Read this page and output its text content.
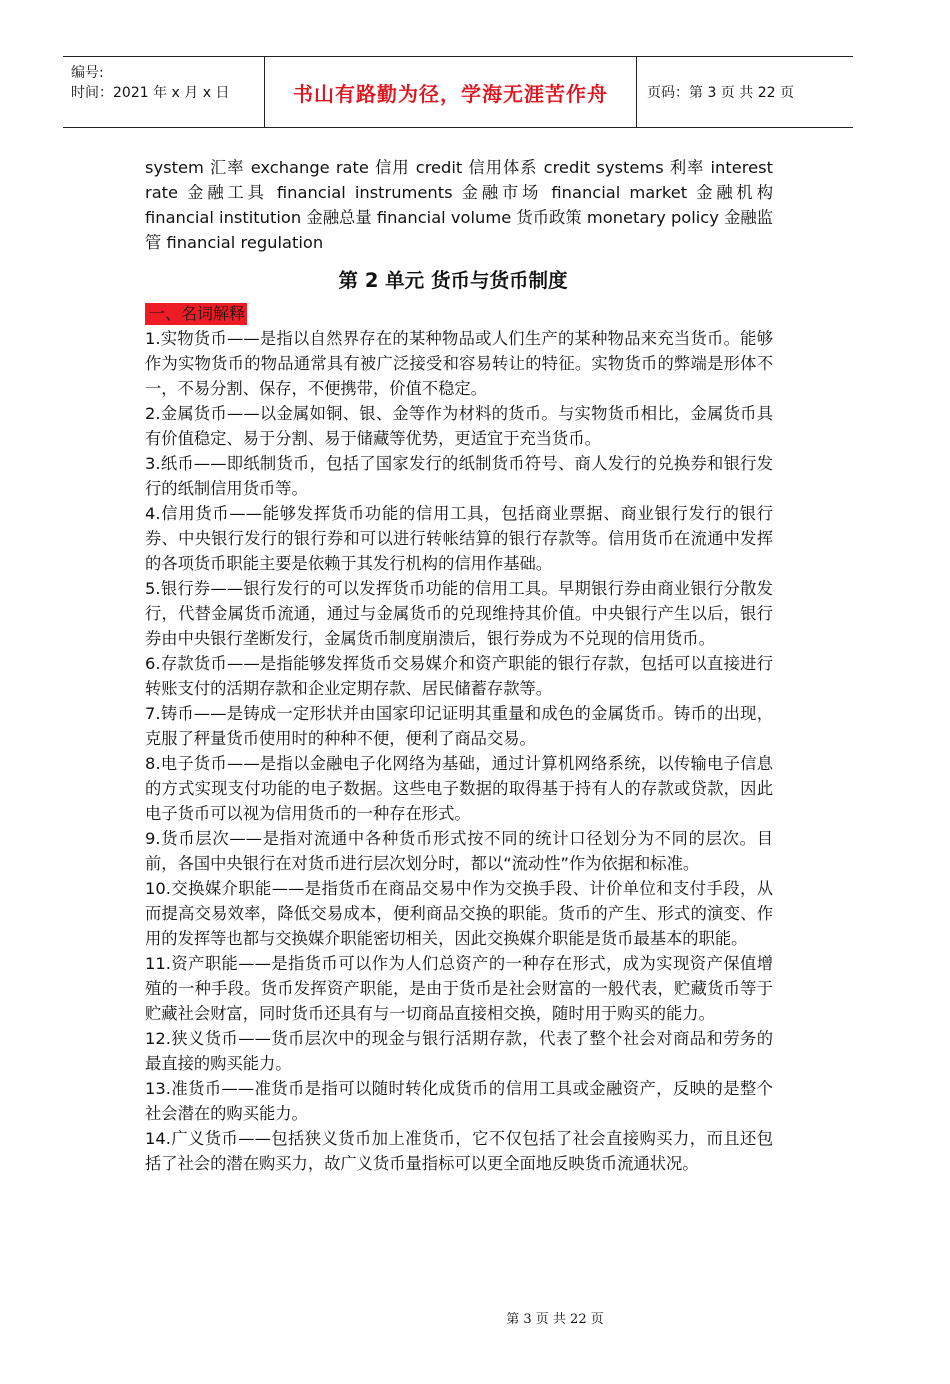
编号:
时间：2021 年 x 月 x 日	书山有路勤为径，学海无涯苦作舟	页码：第 3 页 共 22 页

system 汇率 exchange rate 信用 credit 信用体系 credit systems 利率 interest rate 金融工具 financial instruments 金融市场 financial market 金融机构 financial institution 金融总量 financial volume 货币政策 monetary policy 金融监管 financial regulation

第 2 单元 货币与货币制度

一、名词解释

1.实物货币——是指以自然界存在的某种物品或人们生产的某种物品来充当货币。能够作为实物货币的物品通常具有被广泛接受和容易转让的特征。实物货币的弊端是形体不一，不易分割、保存，不便携带，价值不稳定。

2.金属货币——以金属如铜、银、金等作为材料的货币。与实物货币相比，金属货币具有价值稳定、易于分割、易于储藏等优势，更适宜于充当货币。

3.纸币——即纸制货币，包括了国家发行的纸制货币符号、商人发行的兑换券和银行发行的纸制信用货币等。

4.信用货币——能够发挥货币功能的信用工具，包括商业票据、商业银行发行的银行券、中央银行发行的银行券和可以进行转帐结算的银行存款等。信用货币在流通中发挥的各项货币职能主要是依赖于其发行机构的信用作基础。

5.银行券——银行发行的可以发挥货币功能的信用工具。早期银行券由商业银行分散发行，代替金属货币流通，通过与金属货币的兑现维持其价值。中央银行产生以后，银行券由中央银行垄断发行，金属货币制度崩溃后，银行券成为不兑现的信用货币。

6.存款货币——是指能够发挥货币交易媒介和资产职能的银行存款，包括可以直接进行转账支付的活期存款和企业定期存款、居民储蓄存款等。

7.铸币——是铸成一定形状并由国家印记证明其重量和成色的金属货币。铸币的出现，克服了秤量货币使用时的种种不便，便利了商品交易。

8.电子货币——是指以金融电子化网络为基础，通过计算机网络系统，以传输电子信息的方式实现支付功能的电子数据。这些电子数据的取得基于持有人的存款或贷款，因此电子货币可以视为信用货币的一种存在形式。

9.货币层次——是指对流通中各种货币形式按不同的统计口径划分为不同的层次。目前，各国中央银行在对货币进行层次划分时，都以“流动性”作为依据和标准。

10.交换媒介职能——是指货币在商品交易中作为交换手段、计价单位和支付手段，从而提高交易效率，降低交易成本，便利商品交换的职能。货币的产生、形式的演变、作用的发挥等也都与交换媒介职能密切相关，因此交换媒介职能是货币最基本的职能。

11.资产职能——是指货币可以作为人们总资产的一种存在形式，成为实现资产保值增殖的一种手段。货币发挥资产职能，是由于货币是社会财富的一般代表，贮藏货币等于贮藏社会财富，同时货币还具有与一切商品直接相交换，随时用于购买的能力。

12.狭义货币——货币层次中的现金与银行活期存款，代表了整个社会对商品和劳务的最直接的购买能力。

13.准货币——准货币是指可以随时转化成货币的信用工具或金融资产，反映的是整个社会潜在的购买能力。

14.广义货币——包括狭义货币加上准货币，它不仅包括了社会直接购买力，而且还包括了社会的潜在购买力，故广义货币量指标可以更全面地反映货币流通状况。

第 3 页 共 22 页
